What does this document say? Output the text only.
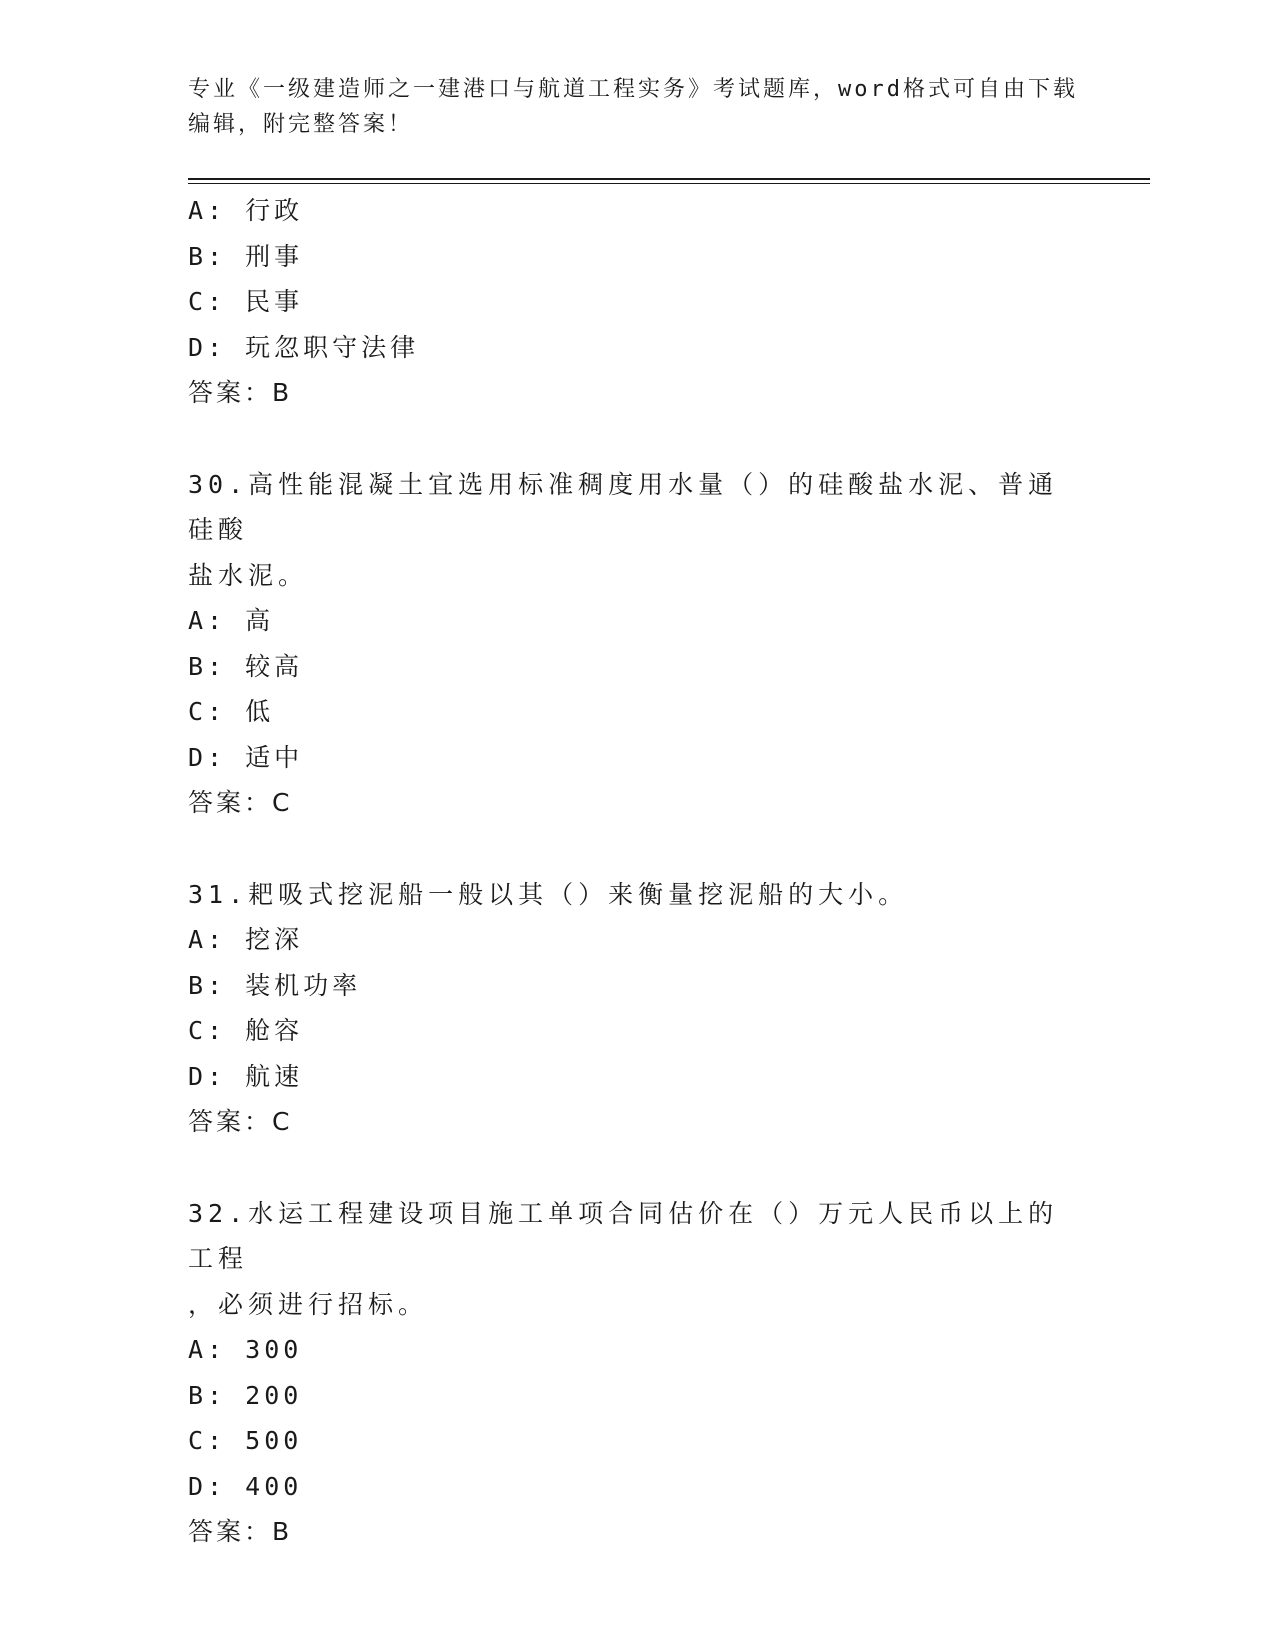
专业《一级建造师之一建港口与航道工程实务》考试题库，word格式可自由下载
编辑，附完整答案！
A: 行政
B: 刑事
C: 民事
D: 玩忽职守法律
答案：B
30.高性能混凝土宜选用标准稠度用水量（）的硅酸盐水泥、普通硅酸
盐水泥。
A: 高
B: 较高
C: 低
D: 适中
答案：C
31.耙吸式挖泥船一般以其（）来衡量挖泥船的大小。
A: 挖深
B: 装机功率
C: 舱容
D: 航速
答案：C
32.水运工程建设项目施工单项合同估价在（）万元人民币以上的工程
，必须进行招标。
A: 300
B: 200
C: 500
D: 400
答案：B
